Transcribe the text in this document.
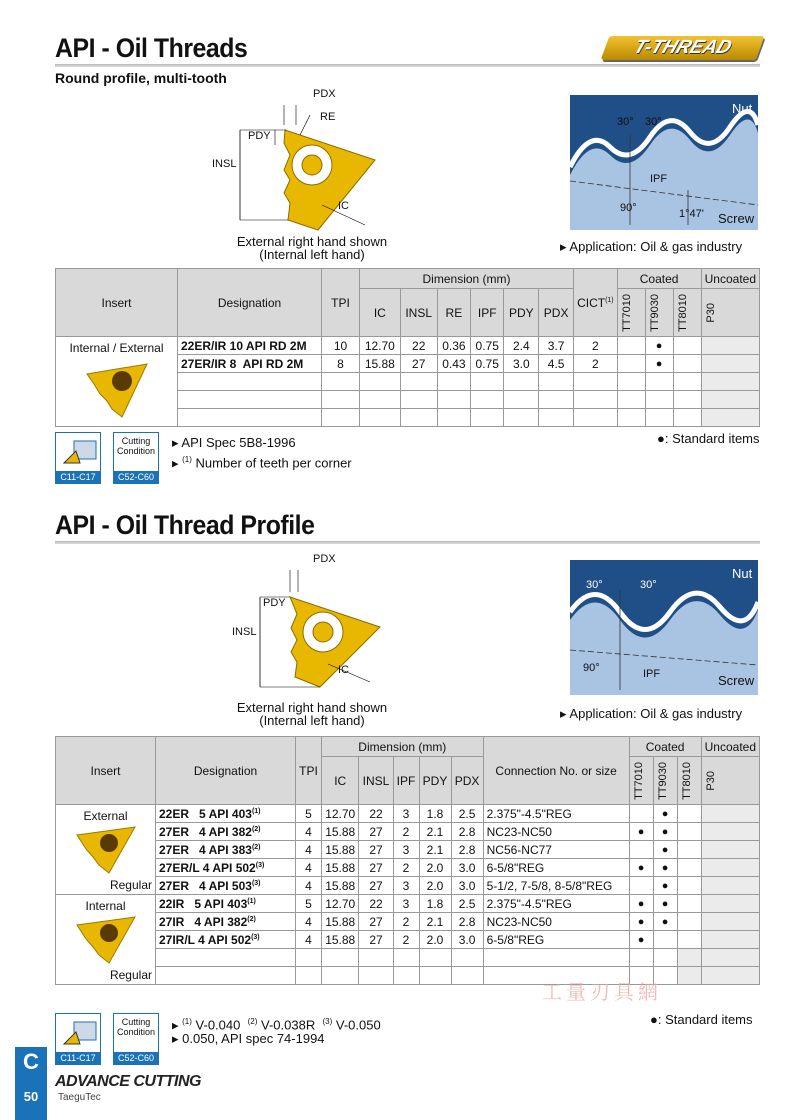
API - Oil Threads	T-THREAD
Round profile, multi-tooth
PDX
RE
PDY
INSL
IC
External right hand shown
(Internal left hand)
Nut
30° 30°
IPF
90°	1°47' Screw
▸ Application: Oil & gas industry
Insert	Designation	TPI	Dimension (mm)						CICT$^{(1)}$	Coated			Uncoated
			IC	INSL	RE	IPF	PDY	PDX		TT7010	TT9030	TT8010	P30

Internal / External	22ER/IR 10 API RD 2M	10	12.70	22	0.36	0.75	2.4	3.7	2		●		
	27ER/IR 8  API RD 2M	8	15.88	27	0.43	0.75	3.0	4.5	2		●		

C11-C17
Cutting Condition
C52-C60
▸ API Spec 5B8-1996
▸ $^{(1)}$ Number of teeth per corner
●: Standard items
API - Oil Thread Profile
PDX
PDY
INSL
IC
External right hand shown
(Internal left hand)
Nut
30°	30°
90°	IPF	Screw
▸ Application: Oil & gas industry
Insert	Designation	TPI	Dimension (mm)					Connection No. or size	Coated			Uncoated
			IC	INSL	IPF	PDY	PDX		TT7010	TT9030	TT8010	P30

External
Regular	22ER   5 API 403$^{(1)}$	5	12.70	22	3	1.8	2.5	2.375"-4.5"REG		●		
	27ER   4 API 382$^{(2)}$	4	15.88	27	2	2.1	2.8	NC23-NC50	●	●		
	27ER   4 API 383$^{(2)}$	4	15.88	27	3	2.1	2.8	NC56-NC77		●		
	27ER/L 4 API 502$^{(3)}$	4	15.88	27	2	2.0	3.0	6-5/8"REG	●	●		
	27ER   4 API 503$^{(3)}$	4	15.88	27	3	2.0	3.0	5-1/2, 7-5/8, 8-5/8"REG		●		

Internal
Regular	22IR   5 API 403$^{(1)}$	5	12.70	22	3	1.8	2.5	2.375"-4.5"REG	●	●		
	27IR   4 API 382$^{(2)}$	4	15.88	27	2	2.1	2.8	NC23-NC50	●	●		
	27IR/L 4 API 502$^{(3)}$	4	15.88	27	2	2.0	3.0	6-5/8"REG	●			

C11-C17
Cutting Condition
C52-C60
▸ $^{(1)}$ V-0.040 $^{(2)}$ V-0.038R $^{(3)}$ V-0.050
▸ 0.050, API spec 74-1994
●: Standard items
工量刃具網
C
50
ADVANCE CUTTING
TaeguTec
